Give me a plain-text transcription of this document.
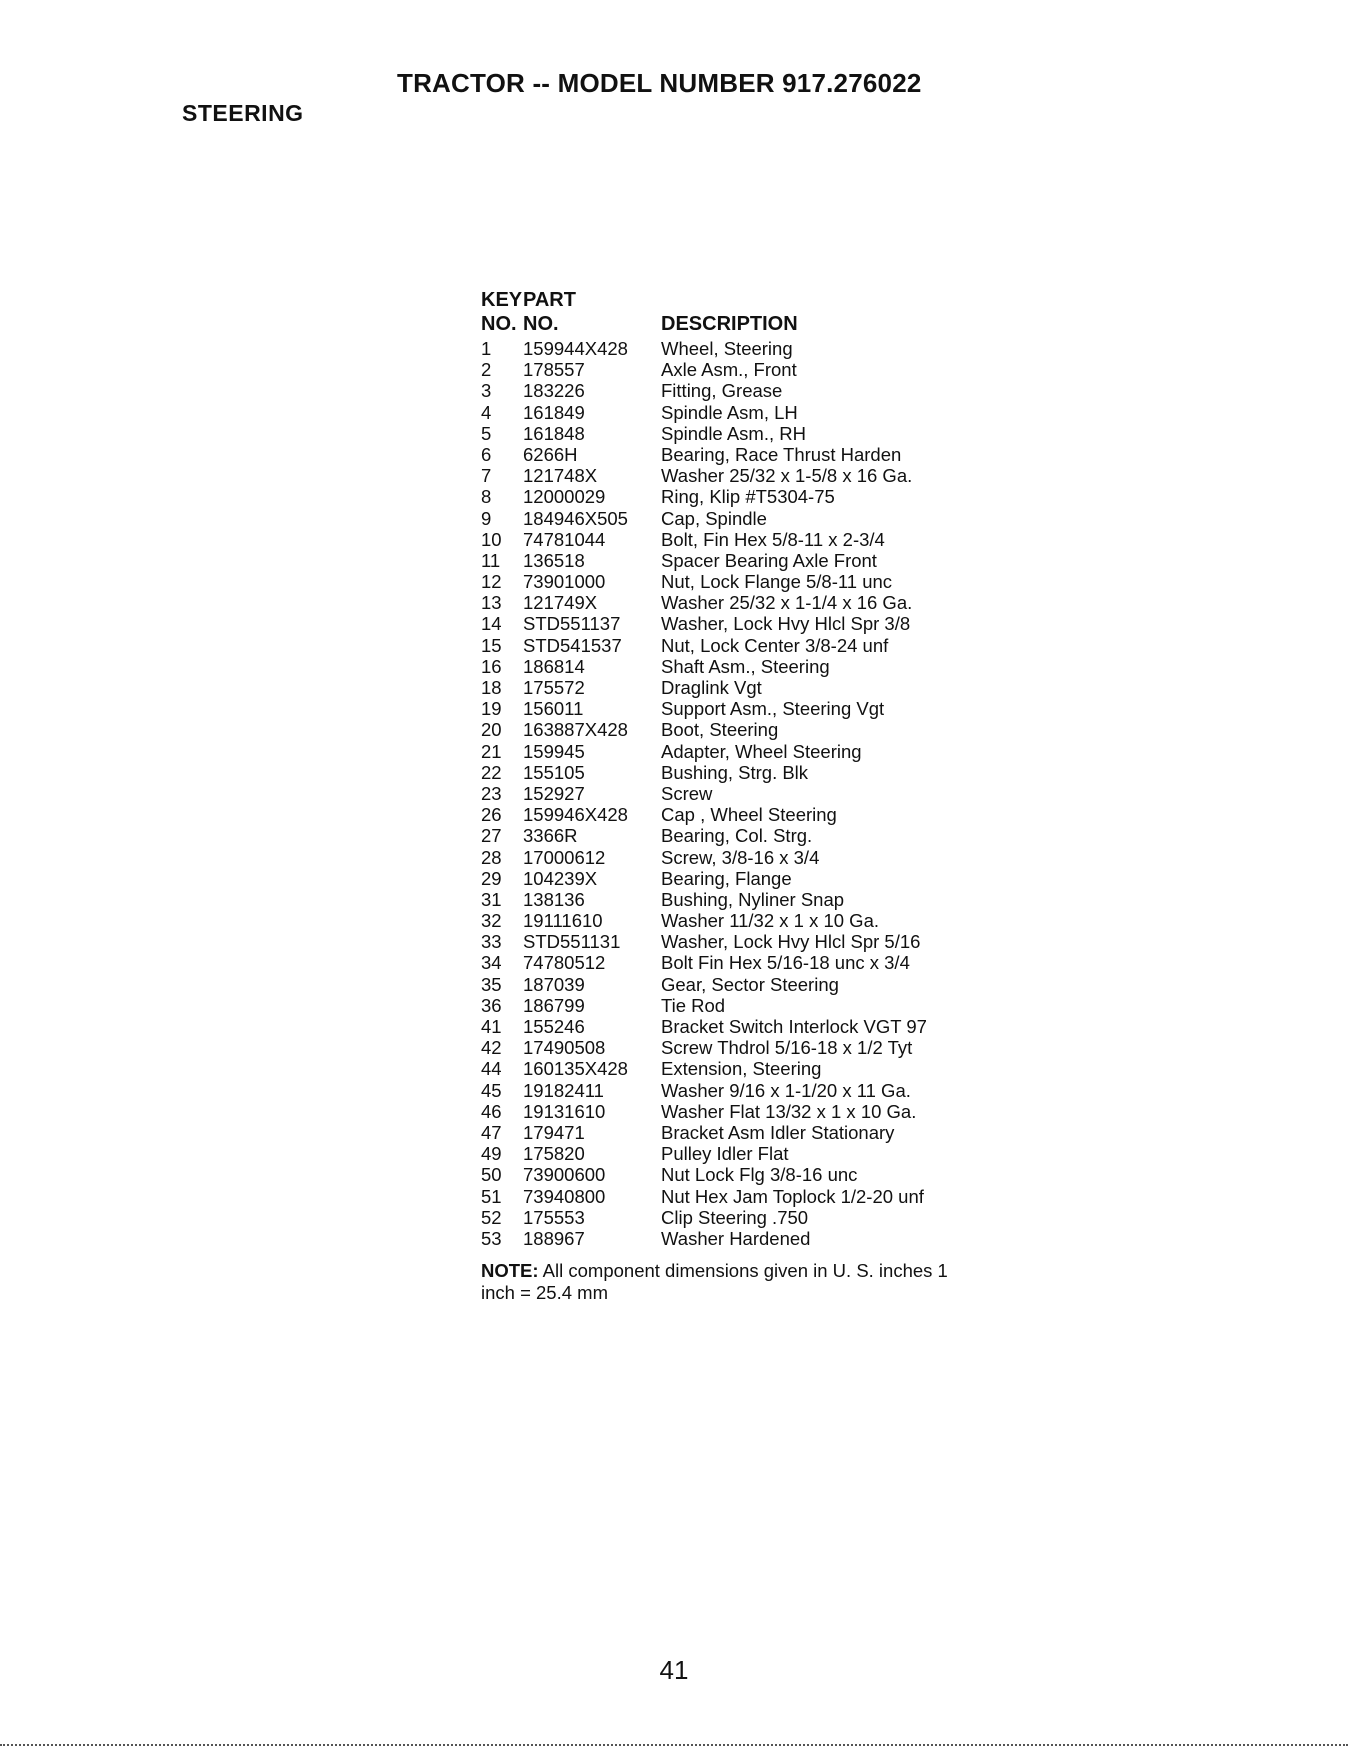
TRACTOR -- MODEL NUMBER 917.276022
STEERING
KEY PART
NO. NO.	DESCRIPTION
1 159944X428 Wheel, Steering
2 178557	Axle Asm., Front
3 183226	Fitting, Grease
4 161849	Spindle Asm, LH
5 161848	Spindle Asm., RH
6 6266H	Bearing, Race Thrust Harden
7 121748X	Washer 25/32 x 1-5/8 x 16 Ga.
8 12000029	Ring, Klip #T5304-75
9 184946X505 Cap, Spindle
10 74781044	Bolt, Fin Hex 5/8-11 x 2-3/4
11 136518	Spacer Bearing Axle Front
12 73901000	Nut, Lock Flange 5/8-11 unc
13 121749X	Washer 25/32 x 1-1/4 x 16 Ga.
14 STD551137 Washer, Lock Hvy Hlcl Spr 3/8
15 STD541537 Nut, Lock Center 3/8-24 unf
16 186814	Shaft Asm., Steering
18 175572	Draglink Vgt
19 156011	Support Asm., Steering Vgt
20 163887X428 Boot, Steering
21 159945	Adapter, Wheel Steering
22 155105	Bushing, Strg. Blk
23 152927	Screw
26 159946X428 Cap , Wheel Steering
27 3366R	Bearing, Col. Strg.
28 17000612	Screw, 3/8-16 x 3/4
29 104239X	Bearing, Flange
31 138136	Bushing, Nyliner Snap
32 19111610	Washer 11/32 x 1 x 10 Ga.
33 STD551131 Washer, Lock Hvy Hlcl Spr 5/16
34 74780512	Bolt Fin Hex 5/16-18 unc x 3/4
35 187039	Gear, Sector Steering
36 186799	Tie Rod
41 155246	Bracket Switch Interlock VGT 97
42 17490508	Screw Thdrol 5/16-18 x 1/2 Tyt
44 160135X428 Extension, Steering
45 19182411	Washer 9/16 x 1-1/20 x 11 Ga.
46 19131610	Washer Flat 13/32 x 1 x 10 Ga.
47 179471	Bracket Asm Idler Stationary
49 175820	Pulley Idler Flat
50 73900600	Nut Lock Flg 3/8-16 unc
51 73940800	Nut Hex Jam Toplock 1/2-20 unf
52 175553	Clip Steering .750
53 188967	Washer Hardened
NOTE: All component dimensions given in U. S. inches 1 inch = 25.4 mm
41
